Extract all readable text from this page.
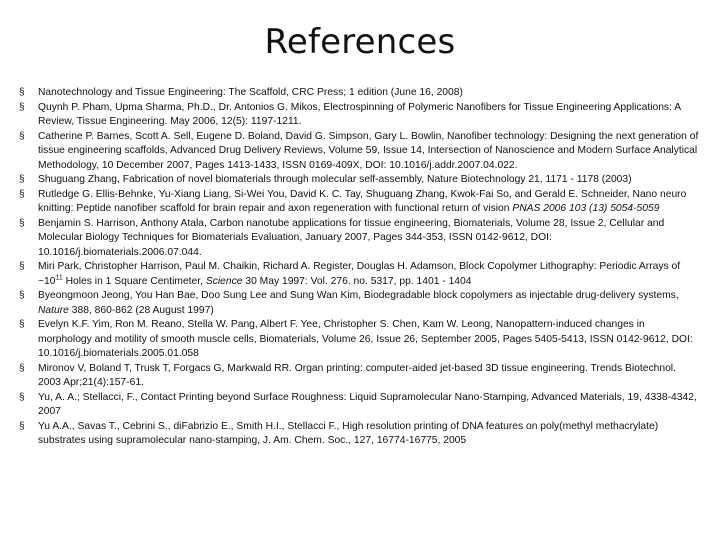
References
§ Nanotechnology and Tissue Engineering: The Scaffold, CRC Press; 1 edition (June 16, 2008)
§ Quynh P. Pham, Upma Sharma, Ph.D., Dr. Antonios G. Mikos, Electrospinning of Polymeric Nanofibers for Tissue Engineering Applications: A Review, Tissue Engineering. May 2006, 12(5): 1197-1211.
§ Catherine P. Barnes, Scott A. Sell, Eugene D. Boland, David G. Simpson, Gary L. Bowlin, Nanofiber technology: Designing the next generation of tissue engineering scaffolds, Advanced Drug Delivery Reviews, Volume 59, Issue 14, Intersection of Nanoscience and Modern Surface Analytical Methodology, 10 December 2007, Pages 1413-1433, ISSN 0169-409X, DOI: 10.1016/j.addr.2007.04.022.
§ Shuguang Zhang, Fabrication of novel biomaterials through molecular self-assembly, Nature Biotechnology 21, 1171 - 1178 (2003)
§ Rutledge G. Ellis-Behnke, Yu-Xiang Liang, Si-Wei You, David K. C. Tay, Shuguang Zhang, Kwok-Fai So, and Gerald E. Schneider, Nano neuro knitting: Peptide nanofiber scaffold for brain repair and axon regeneration with functional return of vision PNAS 2006 103 (13) 5054-5059
§ Benjamin S. Harrison, Anthony Atala, Carbon nanotube applications for tissue engineering, Biomaterials, Volume 28, Issue 2, Cellular and Molecular Biology Techniques for Biomaterials Evaluation, January 2007, Pages 344-353, ISSN 0142-9612, DOI: 10.1016/j.biomaterials.2006.07.044.
§ Miri Park, Christopher Harrison, Paul M. Chaikin, Richard A. Register, Douglas H. Adamson, Block Copolymer Lithography: Periodic Arrays of $\sim 10^{11}$ Holes in 1 Square Centimeter, Science 30 May 1997: Vol. 276. no. 5317, pp. 1401 - 1404
§ Byeongmoon Jeong, You Han Bae, Doo Sung Lee and Sung Wan Kim, Biodegradable block copolymers as injectable drug-delivery systems, Nature 388, 860-862 (28 August 1997)
§ Evelyn K.F. Yim, Ron M. Reano, Stella W. Pang, Albert F. Yee, Christopher S. Chen, Kam W. Leong, Nanopattern-induced changes in morphology and motility of smooth muscle cells, Biomaterials, Volume 26, Issue 26, September 2005, Pages 5405-5413, ISSN 0142-9612, DOI: 10.1016/j.biomaterials.2005.01.058
§ Mironov V, Boland T, Trusk T, Forgacs G, Markwald RR. Organ printing: computer-aided jet-based 3D tissue engineering. Trends Biotechnol. 2003 Apr;21(4):157-61.
§ Yu, A. A.; Stellacci, F., Contact Printing beyond Surface Roughness: Liquid Supramolecular Nano-Stamping, Advanced Materials, 19, 4338-4342, 2007
§ Yu A.A., Savas T., Cebrini S., diFabrizio E., Smith H.I., Stellacci F., High resolution printing of DNA features on poly(methyl methacrylate) substrates using supramolecular nano-stamping, J. Am. Chem. Soc., 127, 16774-16775, 2005
